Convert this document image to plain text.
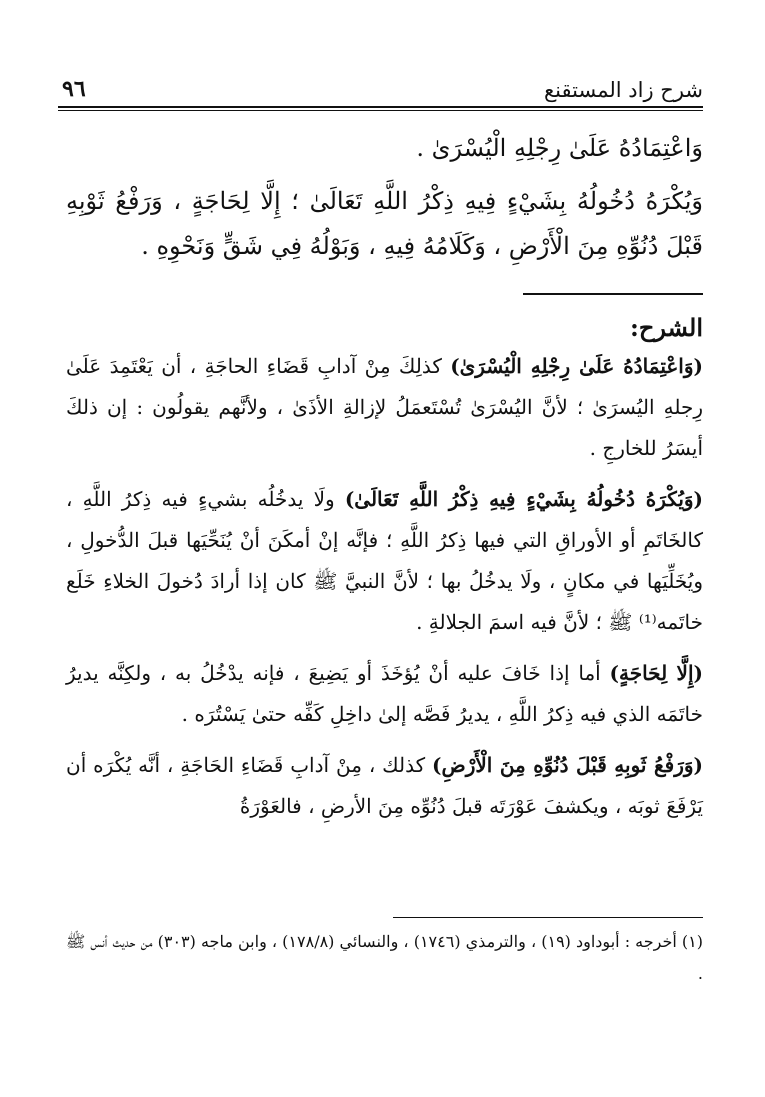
شرح زاد المستقنع
٩٦

وَاعْتِمَادُهُ عَلَىٰ رِجْلِهِ الْيُسْرَىٰ .

وَيُكْرَهُ دُخُولُهُ بِشَيْءٍ فِيهِ ذِكْرُ اللَّهِ تَعَالَىٰ ؛ إِلَّا لِحَاجَةٍ ، وَرَفْعُ ثَوْبِهِ قَبْلَ دُنُوِّهِ مِنَ الْأَرْضِ ، وَكَلَامُهُ فِيهِ ، وَبَوْلُهُ فِي شَقٍّ وَنَحْوِهِ .

الشرح:

(وَاعْتِمَادُهُ عَلَىٰ رِجْلِهِ الْيُسْرَىٰ) كذلِكَ مِنْ آدابِ قَضَاءِ الحاجَةِ ، أن يَعْتَمِدَ عَلَىٰ رِجلهِ اليُسرَىٰ ؛ لأنَّ اليُسْرَىٰ تُسْتَعمَلُ لإزالةِ الأذَىٰ ، ولأنَّهم يقولُون : إن ذلكَ أيسَرُ للخارجِ .

(وَيُكْرَهُ دُخُولُهُ بِشَيْءٍ فِيهِ ذِكْرُ اللَّهِ تَعَالَىٰ) ولَا يدخُلُه بشيءٍ فيه ذِكرُ اللَّهِ ، كالخَاتَمِ أو الأوراقِ التي فيها ذِكرُ اللَّهِ ؛ فإنَّه إنْ أمكَنَ أنْ يُنَحِّيَها قبلَ الدُّخولِ ، ويُخَلِّيَها في مكانٍ ، ولَا يدخُلُ بها ؛ لأنَّ النبيَّ ﷺ كان إذا أرادَ دُخولَ الخلاءِ خَلَع خاتَمه⁽¹⁾ ﷺ ؛ لأنَّ فيه اسمَ الجلالةِ .

(إِلَّا لِحَاجَةٍ) أما إذا خَافَ عليه أنْ يُؤخَذَ أو يَضِيعَ ، فإنه يدْخُلُ به ، ولكِنَّه يديرُ خاتَمَه الذي فيه ذِكرُ اللَّهِ ، يديرُ فَصَّه إلىٰ داخِلِ كَفِّه حتىٰ يَسْتُرَه .

(وَرَفْعُ ثَوبِهِ قَبْلَ دُنُوِّهِ مِنَ الْأَرْضِ) كذلك ، مِنْ آدابِ قَضَاءِ الحَاجَةِ ، أنَّه يُكْرَه أن يَرْفَعَ ثوبَه ، ويكشفَ عَوْرَتَه قبلَ دُنُوِّه مِنَ الأرضِ ، فالعَوْرَةُ

(١) أخرجه : أبوداود (١٩) ، والترمذي (١٧٤٦) ، والنسائي (١٧٨/٨) ، وابن ماجه (٣٠٣) من حديث أنس ﷺ .
